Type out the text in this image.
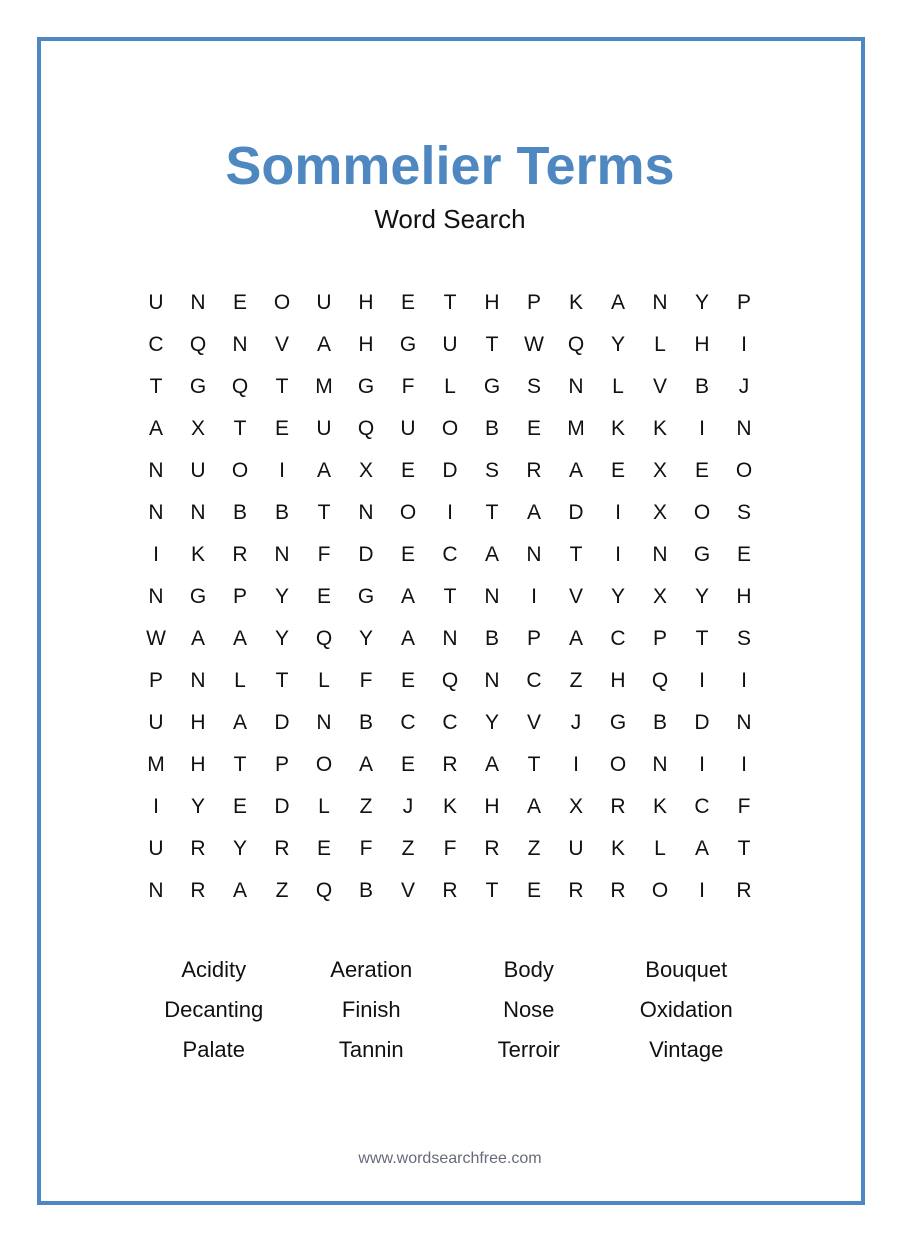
Sommelier Terms
Word Search
U	N	E	O	U	H	E	T	H	P	K	A	N	Y	P
C	Q	N	V	A	H	G	U	T	W	Q	Y	L	H	I
T	G	Q	T	M	G	F	L	G	S	N	L	V	B	J
A	X	T	E	U	Q	U	O	B	E	M	K	K	I	N
N	U	O	I	A	X	E	D	S	R	A	E	X	E	O
N	N	B	B	T	N	O	I	T	A	D	I	X	O	S
I	K	R	N	F	D	E	C	A	N	T	I	N	G	E
N	G	P	Y	E	G	A	T	N	I	V	Y	X	Y	H
W	A	A	Y	Q	Y	A	N	B	P	A	C	P	T	S
P	N	L	T	L	F	E	Q	N	C	Z	H	Q	I	I
U	H	A	D	N	B	C	C	Y	V	J	G	B	D	N
M	H	T	P	O	A	E	R	A	T	I	O	N	I	I
I	Y	E	D	L	Z	J	K	H	A	X	R	K	C	F
U	R	Y	R	E	F	Z	F	R	Z	U	K	L	A	T
N	R	A	Z	Q	B	V	R	T	E	R	R	O	I	R
Acidity	Aeration	Body	Bouquet
Decanting	Finish	Nose	Oxidation
Palate	Tannin	Terroir	Vintage
www.wordsearchfree.com
